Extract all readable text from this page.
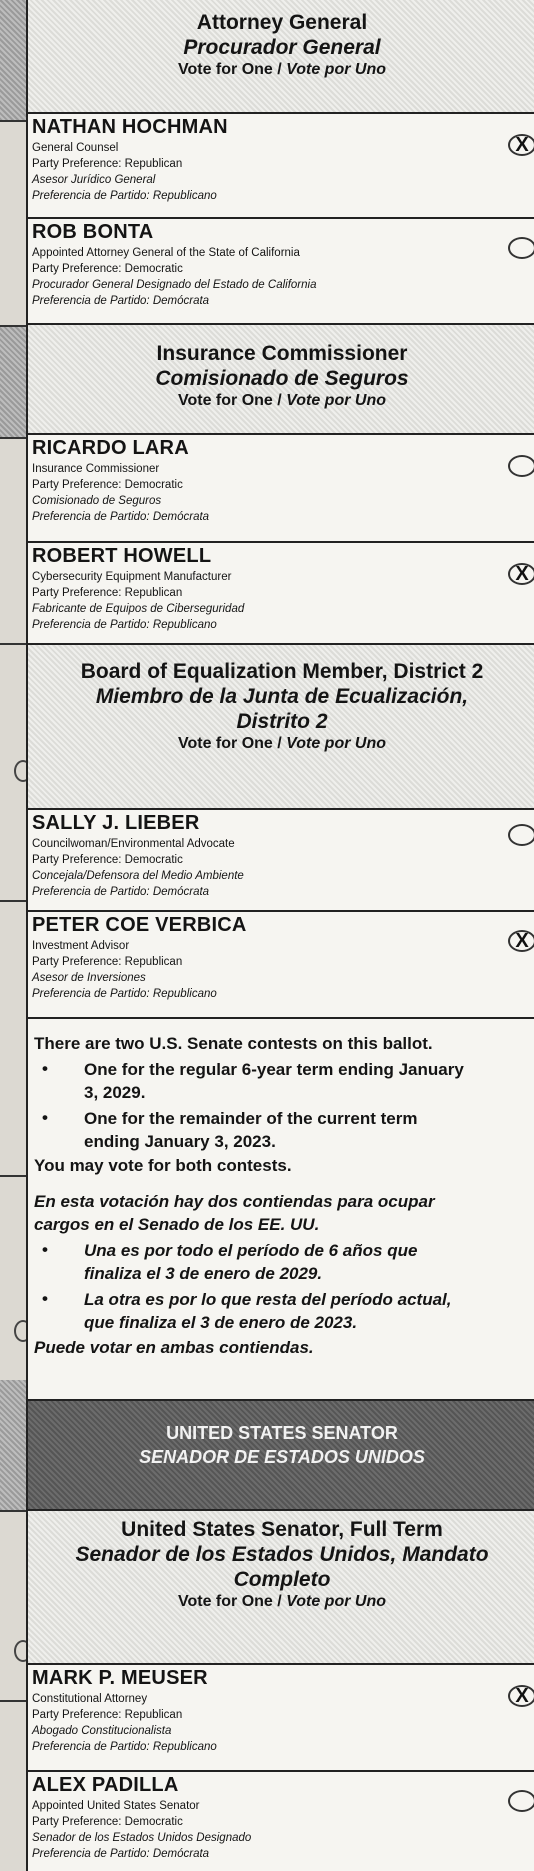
Attorney General
Procurador General
Vote for One / Vote por Uno
NATHAN HOCHMAN
General Counsel
Party Preference: Republican
Asesor Jurídico General
Preferencia de Partido: Republicano
X
ROB BONTA
Appointed Attorney General of the State of California
Party Preference: Democratic
Procurador General Designado del Estado de California
Preferencia de Partido: Demócrata
Insurance Commissioner
Comisionado de Seguros
Vote for One / Vote por Uno
RICARDO LARA
Insurance Commissioner
Party Preference: Democratic
Comisionado de Seguros
Preferencia de Partido: Demócrata
ROBERT HOWELL
Cybersecurity Equipment Manufacturer
Party Preference: Republican
Fabricante de Equipos de Ciberseguridad
Preferencia de Partido: Republicano
X
Board of Equalization Member, District 2
Miembro de la Junta de Ecualización,
Distrito 2
Vote for One / Vote por Uno
SALLY J. LIEBER
Councilwoman/Environmental Advocate
Party Preference: Democratic
Concejala/Defensora del Medio Ambiente
Preferencia de Partido: Demócrata
PETER COE VERBICA
Investment Advisor
Party Preference: Republican
Asesor de Inversiones
Preferencia de Partido: Republicano
X
There are two U.S. Senate contests on this ballot.
• One for the regular 6-year term ending January
3, 2029.
• One for the remainder of the current term
ending January 3, 2023.
You may vote for both contests.
En esta votación hay dos contiendas para ocupar
cargos en el Senado de los EE. UU.
• Una es por todo el período de 6 años que
finaliza el 3 de enero de 2029.
• La otra es por lo que resta del período actual,
que finaliza el 3 de enero de 2023.
Puede votar en ambas contiendas.
UNITED STATES SENATOR
SENADOR DE ESTADOS UNIDOS
United States Senator, Full Term
Senador de los Estados Unidos, Mandato
Completo
Vote for One / Vote por Uno
MARK P. MEUSER
Constitutional Attorney
Party Preference: Republican
Abogado Constitucionalista
Preferencia de Partido: Republicano
X
ALEX PADILLA
Appointed United States Senator
Party Preference: Democratic
Senador de los Estados Unidos Designado
Preferencia de Partido: Demócrata
